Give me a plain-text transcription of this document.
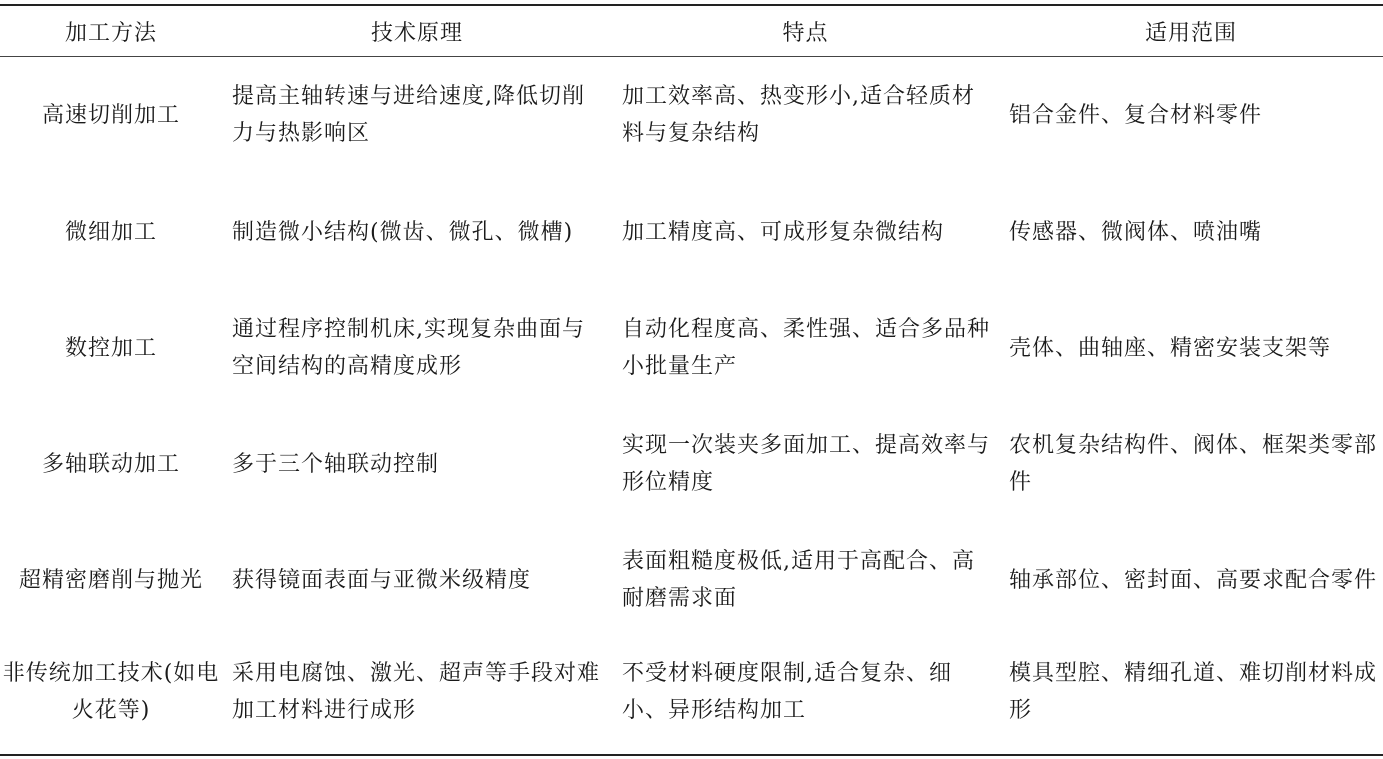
加工方法	技术原理	特点	适用范围
高速切削加工	提高主轴转速与进给速度,降低切削力与热影响区	加工效率高、热变形小,适合轻质材料与复杂结构	铝合金件、复合材料零件
微细加工	制造微小结构(微齿、微孔、微槽)	加工精度高、可成形复杂微结构	传感器、微阀体、喷油嘴
数控加工	通过程序控制机床,实现复杂曲面与空间结构的高精度成形	自动化程度高、柔性强、适合多品种小批量生产	壳体、曲轴座、精密安装支架等
多轴联动加工	多于三个轴联动控制	实现一次装夹多面加工、提高效率与形位精度	农机复杂结构件、阀体、框架类零部件
超精密磨削与抛光	获得镜面表面与亚微米级精度	表面粗糙度极低,适用于高配合、高耐磨需求面	轴承部位、密封面、高要求配合零件
非传统加工技术(如电火花等)	采用电腐蚀、激光、超声等手段对难加工材料进行成形	不受材料硬度限制,适合复杂、细小、异形结构加工	模具型腔、精细孔道、难切削材料成形
